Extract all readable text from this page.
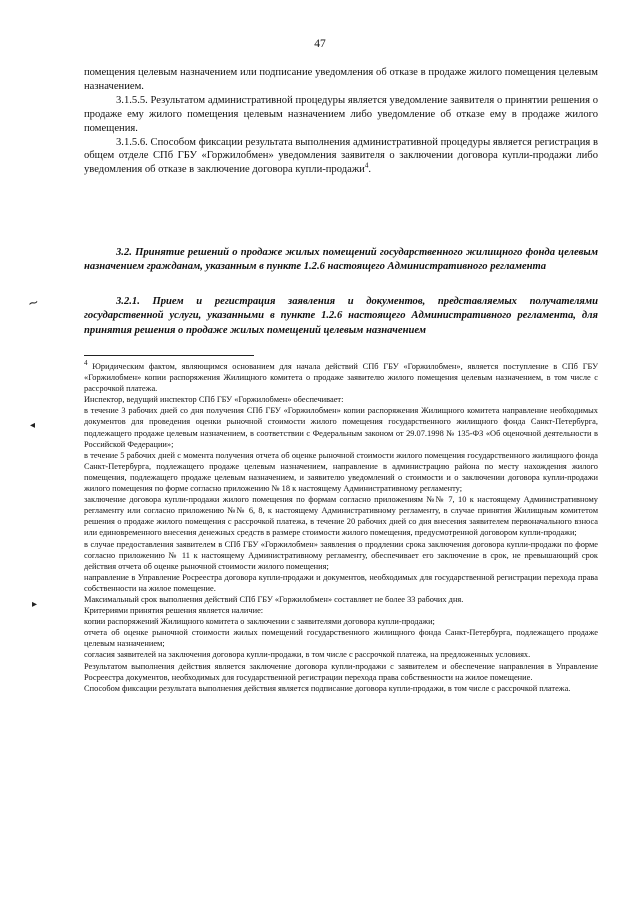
47

помещения целевым назначением или подписание уведомления об отказе в продаже жилого помещения целевым назначением.

3.1.5.5. Результатом административной процедуры является уведомление заявителя о принятии решения о продаже ему жилого помещения целевым назначением либо уведомление об отказе ему в продаже жилого помещения.

3.1.5.6. Способом фиксации результата выполнения административной процедуры является регистрация в общем отделе СПб ГБУ «Горжилобмен» уведомления заявителя о заключении договора купли-продажи либо уведомления об отказе в заключение договора купли-продажи$^4$.

3.2. Принятие решений о продаже жилых помещений государственного жилищного фонда целевым назначением гражданам, указанным в пункте 1.2.6 настоящего Административного регламента

3.2.1. Прием и регистрация заявления и документов, представляемых получателями государственной услуги, указанными в пункте 1.2.6 настоящего Административного регламента, для принятия решения о продаже жилых помещений целевым назначением

$^4$ Юридическим фактом, являющимся основанием для начала действий СПб ГБУ «Горжилобмен», является поступление в СПб ГБУ «Горжилобмен» копии распоряжения Жилищного комитета о продаже заявителю жилого помещения целевым назначением, в том числе с рассрочкой платежа.

Инспектор, ведущий инспектор СПб ГБУ «Горжилобмен» обеспечивает:

в течение 3 рабочих дней со дня получения СПб ГБУ «Горжилобмен» копии распоряжения Жилищного комитета направление необходимых документов для проведения оценки рыночной стоимости жилого помещения государственного жилищного фонда Санкт-Петербурга, подлежащего продаже целевым назначением, в соответствии с Федеральным законом от 29.07.1998 № 135-ФЗ «Об оценочной деятельности в Российской Федерации»;

в течение 5 рабочих дней с момента получения отчета об оценке рыночной стоимости жилого помещения государственного жилищного фонда Санкт-Петербурга, подлежащего продаже целевым назначением, направление в администрацию района по месту нахождения жилого помещения, подлежащего продаже целевым назначением, и заявителю уведомлений о стоимости и о заключении договора купли-продажи жилого помещения по форме согласно приложению № 18 к настоящему Административному регламенту;

заключение договора купли-продажи жилого помещения по формам согласно приложениям №№ 7, 10 к настоящему Административному регламенту или согласно приложению №№ 6, 8, к настоящему Административному регламенту, в случае принятия Жилищным комитетом решения о продаже жилого помещения с рассрочкой платежа, в течение 20 рабочих дней со дня внесения заявителем первоначального взноса или единовременного внесения денежных средств в размере стоимости жилого помещения, предусмотренной договором купли-продажи;

в случае предоставления заявителем в СПб ГБУ «Горжилобмен» заявления о продлении срока заключения договора купли-продажи по форме согласно приложению № 11 к настоящему Административному регламенту, обеспечивает его заключение в срок, не превышающий срок действия отчета об оценке рыночной стоимости жилого помещения;

направление в Управление Росреестра договора купли-продажи и документов, необходимых для государственной регистрации перехода права собственности на жилое помещение.

Максимальный срок выполнения действий СПб ГБУ «Горжилобмен» составляет не более 33 рабочих дня.

Критериями принятия решения является наличие:

копии распоряжений Жилищного комитета о заключении с заявителями договора купли-продажи;

отчета об оценке рыночной стоимости жилых помещений государственного жилищного фонда Санкт-Петербурга, подлежащего продаже целевым назначением;

согласия заявителей на заключения договора купли-продажи, в том числе с рассрочкой платежа, на предложенных условиях.

Результатом выполнения действия является заключение договора купли-продажи с заявителем и обеспечение направления в Управление Росреестра документов, необходимых для государственной регистрации перехода права собственности на жилое помещение.

Способом фиксации результата выполнения действия является подписание договора купли-продажи, в том числе с рассрочкой платежа.

~
◂
▸
